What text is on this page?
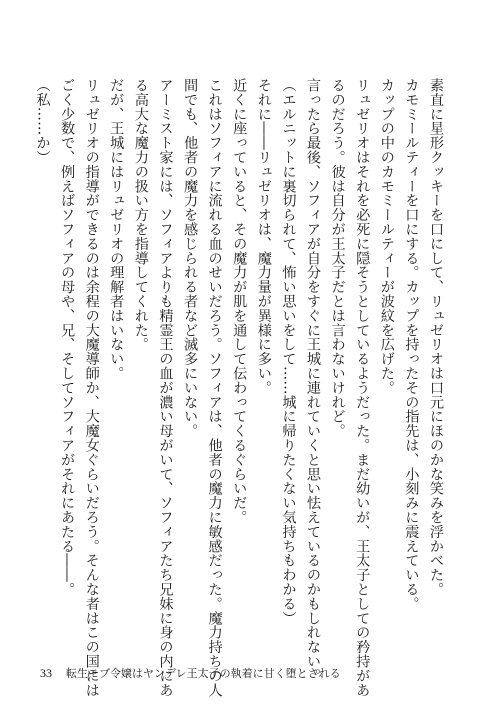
素直に星形クッキーを口にして、リュゼリオは口元にほのかな笑みを浮かべた。
カモミールティーを口にする。カップを持ったその指先は、小刻みに震えている。
カップの中のカモミールティーが波紋を広げた。
リュゼリオはそれを必死に隠そうとしているようだった。まだ幼いが、王太子としての矜持があ
るのだろう。彼は自分が王太子だとは言わないけれど。
言ったら最後、ソフィアが自分をすぐに王城に連れていくと思い怯えているのかもしれない。
（エルニットに裏切られて、怖い思いをして……城に帰りたくない気持ちもわかる）
それに――リュゼリオは、魔力量が異様に多い。
近くに座っていると、その魔力が肌を通して伝わってくるぐらいだ。
これはソフィアに流れる血のせいだろう。ソフィアは、他者の魔力に敏感だった。魔力持ちの人
間でも、他者の魔力を感じられる者など滅多にいない。
アーミスト家には、ソフィアよりも精霊王の血が濃い母がいて、ソフィアたち兄妹に身の内にあ
る高大な魔力の扱い方を指導してくれた。
だが、王城にはリュゼリオの理解者はいない。
リュゼリオの指導ができるのは余程の大魔導師か、大魔女ぐらいだろう。そんな者はこの国には
ごく少数で、例えばソフィアの母や、兄、そしてソフィアがそれにあたる――。
（私……か）
33 転生モブ令嬢はヤンデレ王太子の執着に甘く堕とされる
